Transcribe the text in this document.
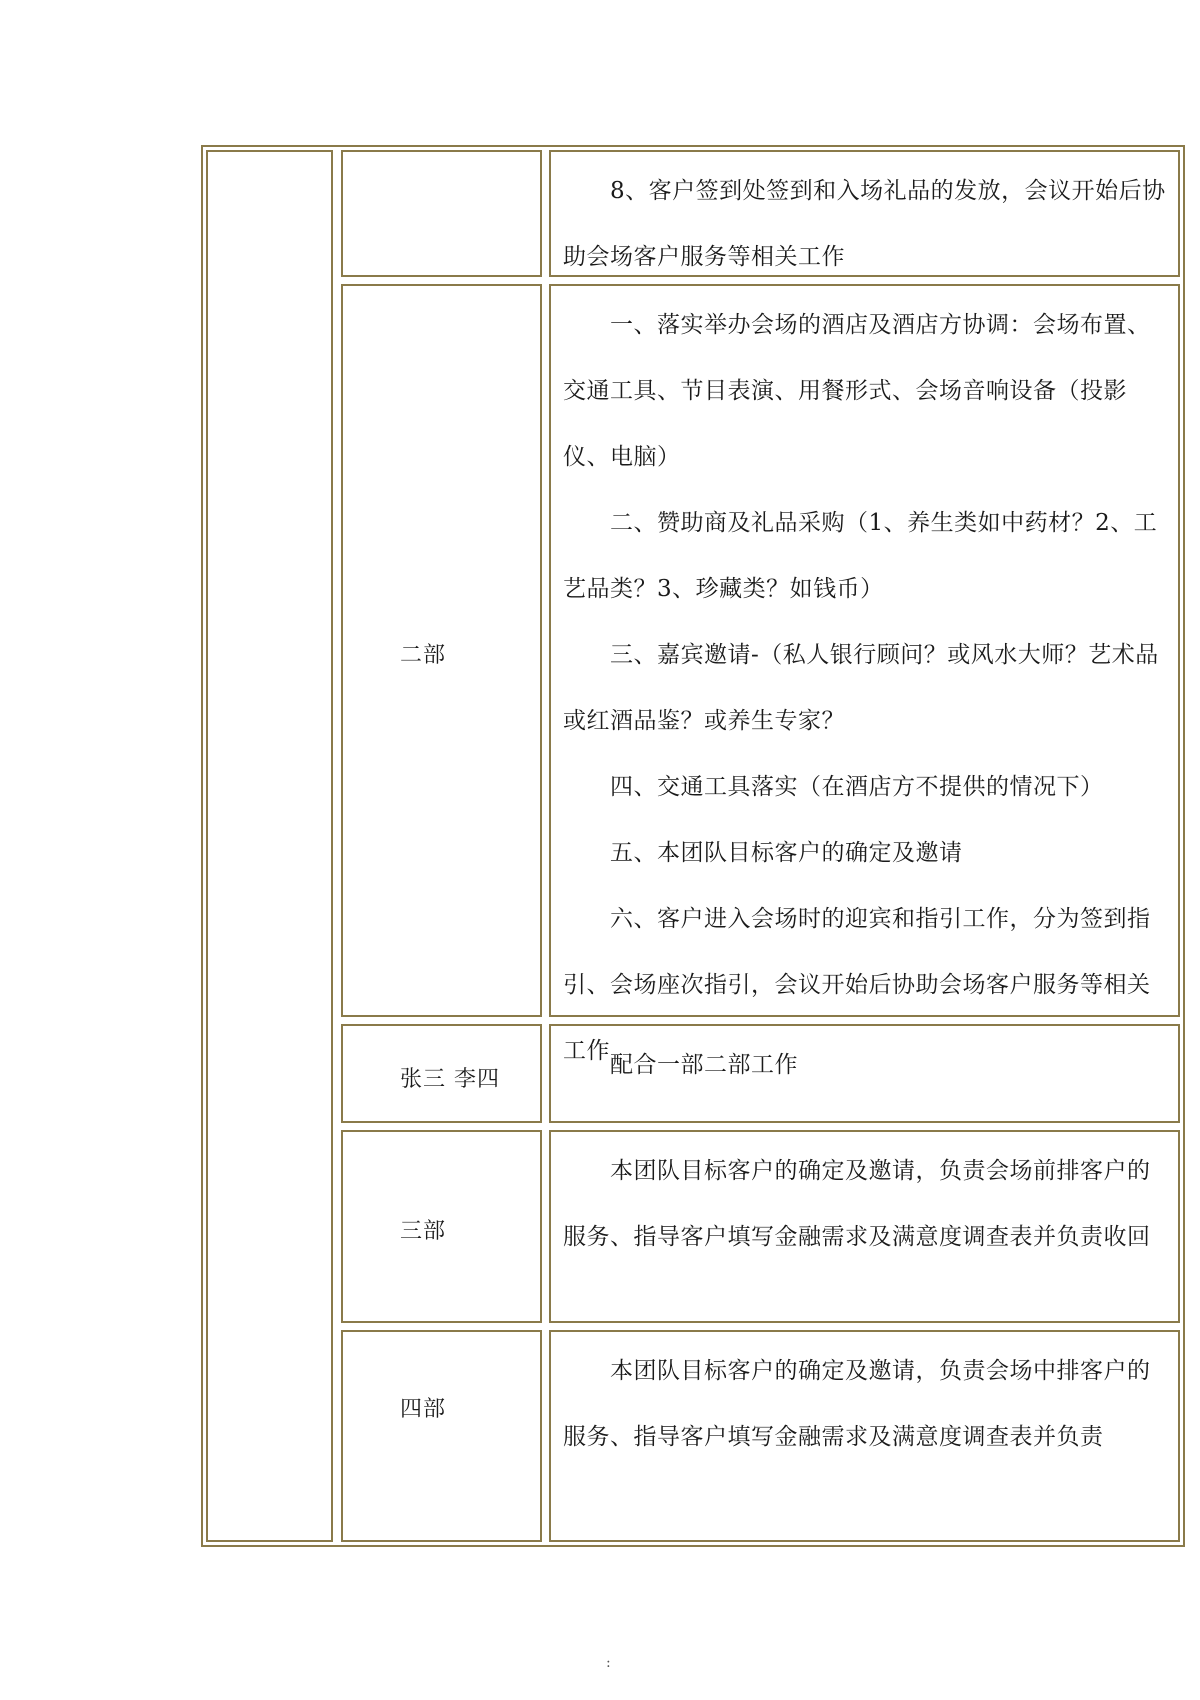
8、客户签到处签到和入场礼品的发放，会议开始后协助会场客户服务等相关工作

二部

一、落实举办会场的酒店及酒店方协调：会场布置、交通工具、节目表演、用餐形式、会场音响设备（投影仪、电脑）

二、赞助商及礼品采购（1、养生类如中药材？2、工艺品类？3、珍藏类？如钱币）

三、嘉宾邀请-（私人银行顾问？或风水大师？艺术品或红酒品鉴？或养生专家？

四、交通工具落实（在酒店方不提供的情况下）

五、本团队目标客户的确定及邀请

六、客户进入会场时的迎宾和指引工作，分为签到指引、会场座次指引，会议开始后协助会场客户服务等相关工作

张三 李四

配合一部二部工作

三部

本团队目标客户的确定及邀请，负责会场前排客户的服务、指导客户填写金融需求及满意度调查表并负责收回

四部

本团队目标客户的确定及邀请，负责会场中排客户的服务、指导客户填写金融需求及满意度调查表并负责

:
